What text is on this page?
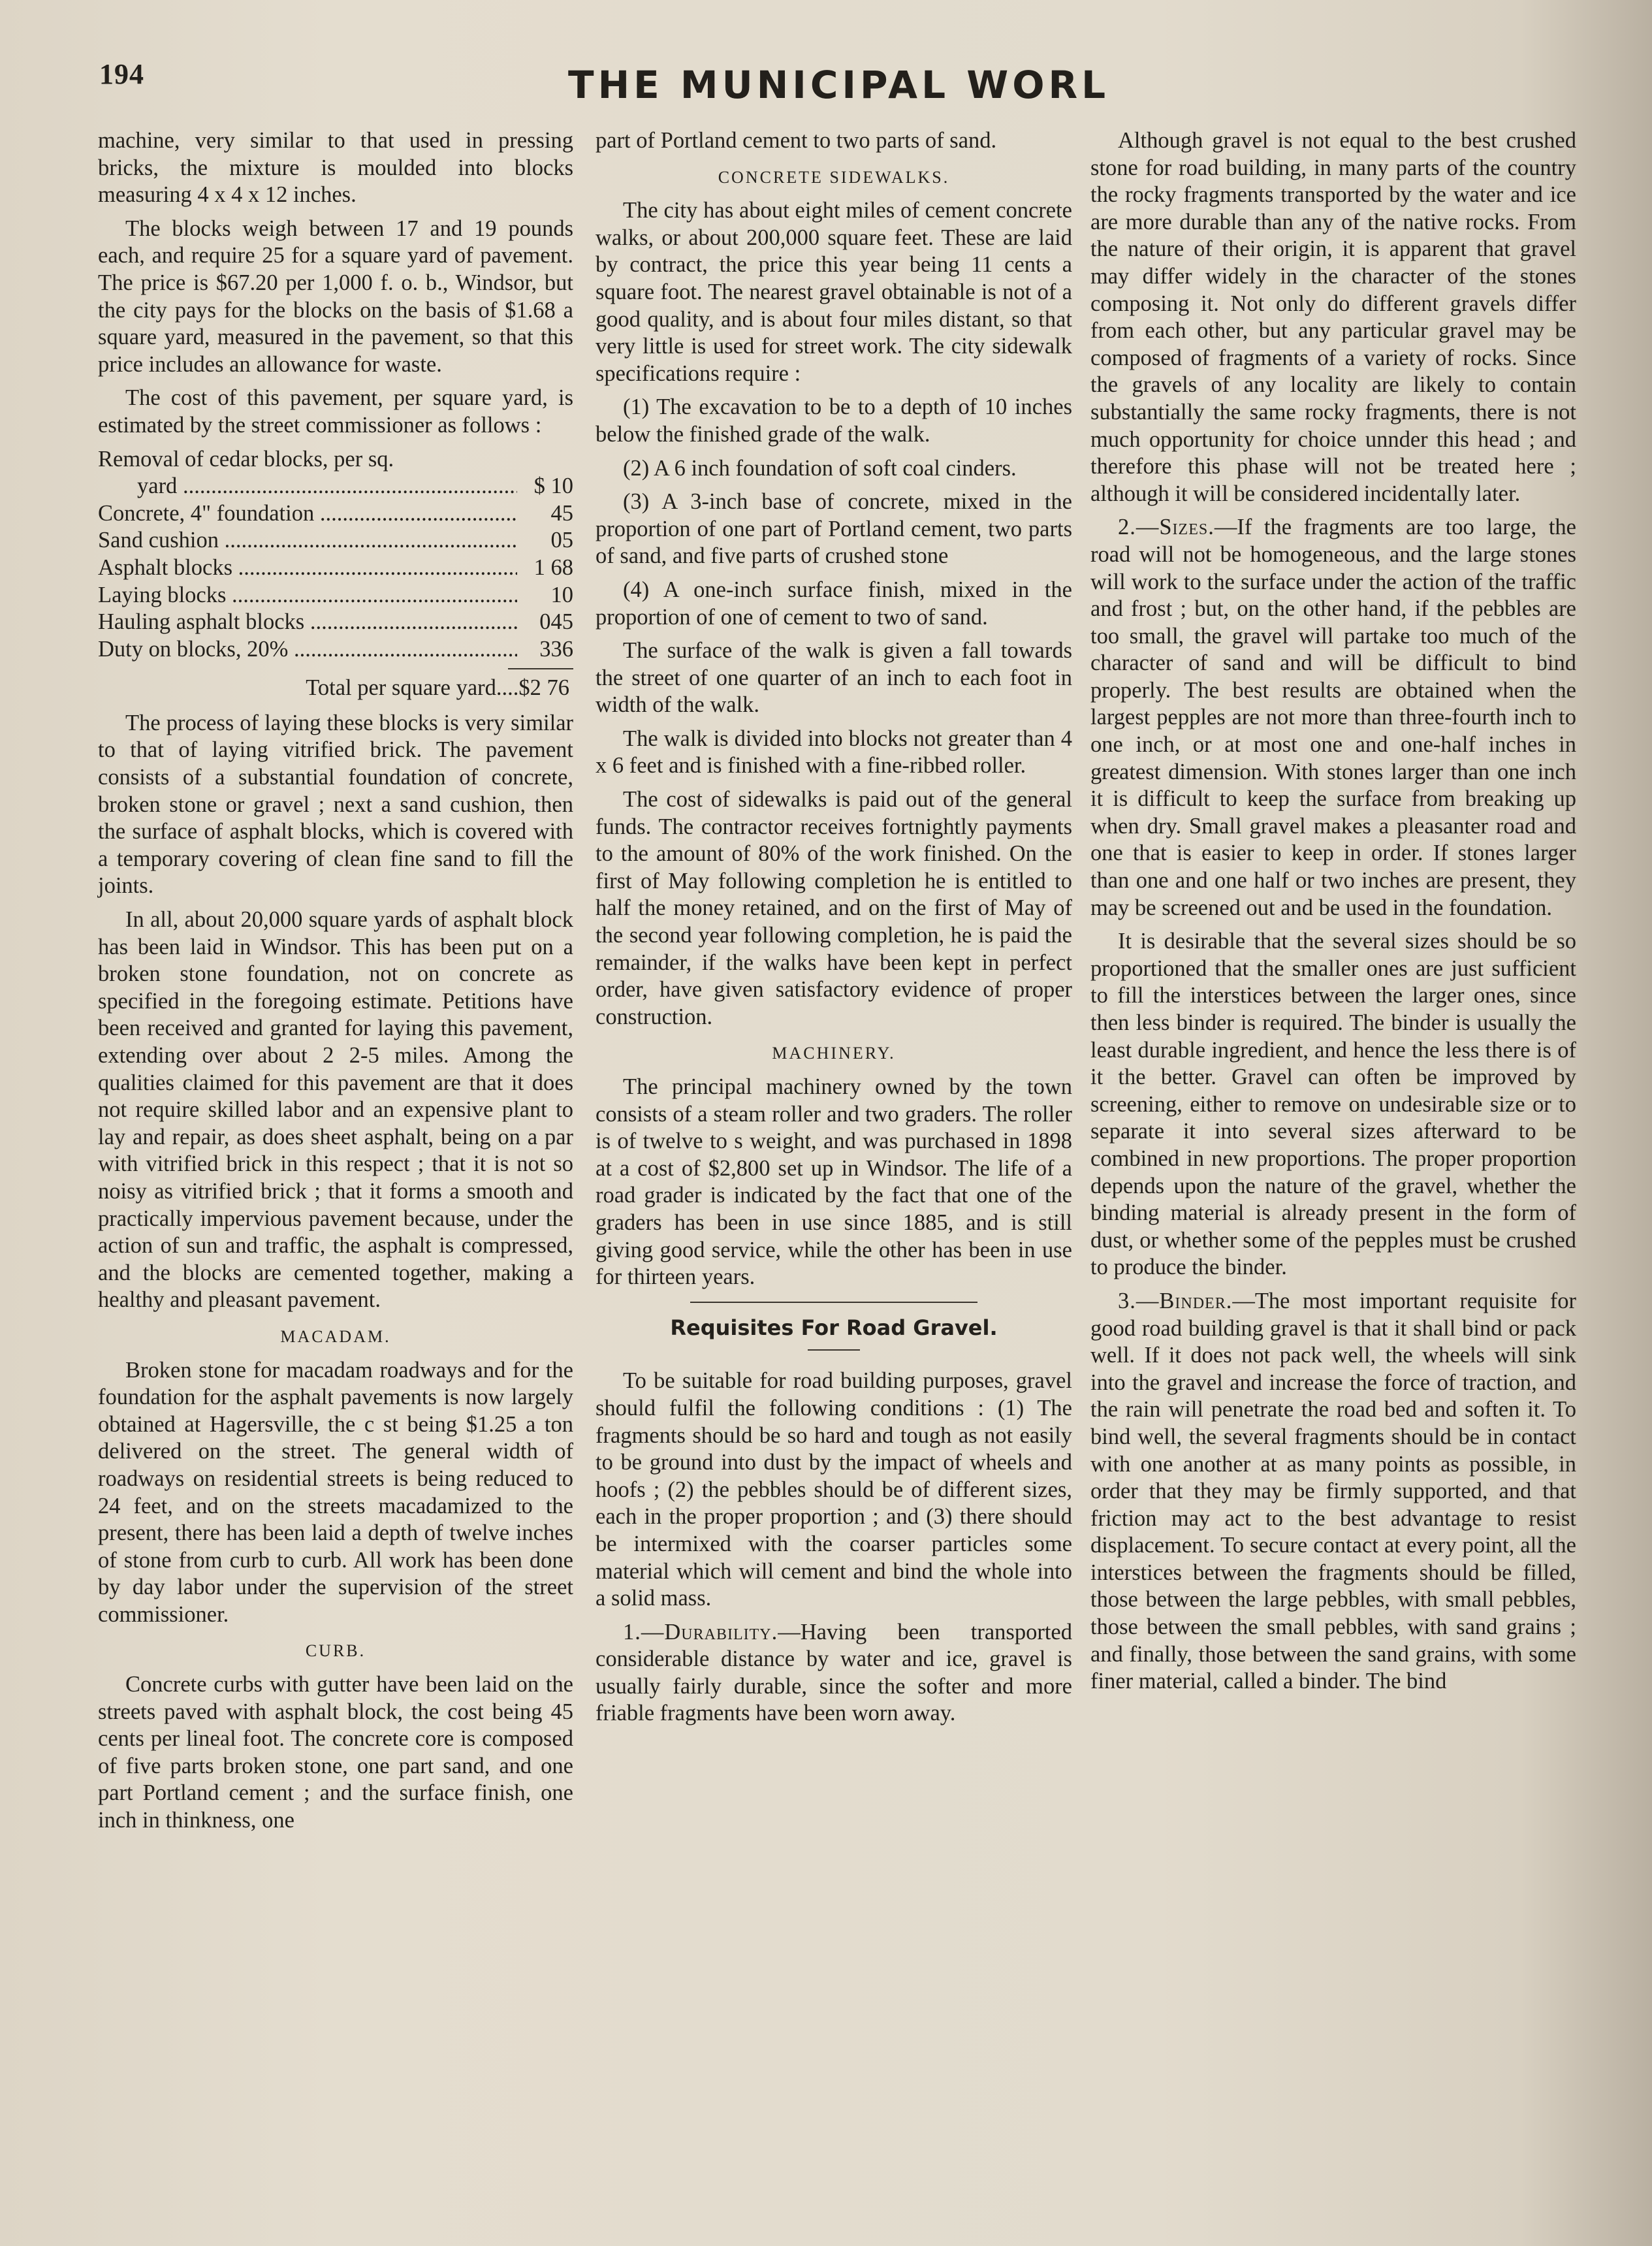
194	THE MUNICIPAL WORL

machine, very similar to that used in pressing bricks, the mixture is moulded into blocks measuring 4 x 4 x 12 inches.

The blocks weigh between 17 and 19 pounds each, and require 25 for a square yard of pavement. The price is $67.20 per 1,000 f. o. b., Windsor, but the city pays for the blocks on the basis of $1.68 a square yard, measured in the pavement, so that this price includes an allowance for waste.

The cost of this pavement, per square yard, is estimated by the street commissioner as follows :

Removal of cedar blocks, per sq.
yard .....	$ 10
Concrete, 4" foundation .....	45
Sand cushion .....	05
Asphalt blocks .....	1 68
Laying blocks .....	10
Hauling asphalt blocks .....	045
Duty on blocks, 20% .....	336
Total per square yard....$2 76

The process of laying these blocks is very similar to that of laying vitrified brick. The pavement consists of a substantial foundation of concrete, broken stone or gravel ; next a sand cushion, then the surface of asphalt blocks, which is covered with a temporary covering of clean fine sand to fill the joints.

In all, about 20,000 square yards of asphalt block has been laid in Windsor. This has been put on a broken stone foundation, not on concrete as specified in the foregoing estimate. Petitions have been received and granted for laying this pavement, extending over about 2 2-5 miles. Among the qualities claimed for this pavement are that it does not require skilled labor and an expensive plant to lay and repair, as does sheet asphalt, being on a par with vitrified brick in this respect ; that it is not so noisy as vitrified brick ; that it forms a smooth and practically impervious pavement because, under the action of sun and traffic, the asphalt is compressed, and the blocks are cemented together, making a healthy and pleasant pavement.

MACADAM.

Broken stone for macadam roadways and for the foundation for the asphalt pavements is now largely obtained at Hagersville, the c st being $1.25 a ton delivered on the street. The general width of roadways on residential streets is being reduced to 24 feet, and on the streets macadamized to the present, there has been laid a depth of twelve inches of stone from curb to curb. All work has been done by day labor under the supervision of the street commissioner.

CURB.

Concrete curbs with gutter have been laid on the streets paved with asphalt block, the cost being 45 cents per lineal foot. The concrete core is composed of five parts broken stone, one part sand, and one part Portland cement ; and the surface finish, one inch in thinkness, one

part of Portland cement to two parts of sand.

CONCRETE SIDEWALKS.

The city has about eight miles of cement concrete walks, or about 200,000 square feet. These are laid by contract, the price this year being 11 cents a square foot. The nearest gravel obtainable is not of a good quality, and is about four miles distant, so that very little is used for street work. The city sidewalk specifications require :

(1) The excavation to be to a depth of 10 inches below the finished grade of the walk.

(2) A 6 inch foundation of soft coal cinders.

(3) A 3-inch base of concrete, mixed in the proportion of one part of Portland cement, two parts of sand, and five parts of crushed stone

(4) A one-inch surface finish, mixed in the proportion of one of cement to two of sand.

The surface of the walk is given a fall towards the street of one quarter of an inch to each foot in width of the walk.

The walk is divided into blocks not greater than 4 x 6 feet and is finished with a fine-ribbed roller.

The cost of sidewalks is paid out of the general funds. The contractor receives fortnightly payments to the amount of 80% of the work finished. On the first of May following completion he is entitled to half the money retained, and on the first of May of the second year following completion, he is paid the remainder, if the walks have been kept in perfect order, have given satisfactory evidence of proper construction.

MACHINERY.

The principal machinery owned by the town consists of a steam roller and two graders. The roller is of twelve to s weight, and was purchased in 1898 at a cost of $2,800 set up in Windsor. The life of a road grader is indicated by the fact that one of the graders has been in use since 1885, and is still giving good service, while the other has been in use for thirteen years.

Requisites For Road Gravel.

To be suitable for road building purposes, gravel should fulfil the following conditions : (1) The fragments should be so hard and tough as not easily to be ground into dust by the impact of wheels and hoofs ; (2) the pebbles should be of different sizes, each in the proper proportion ; and (3) there should be intermixed with the coarser particles some material which will cement and bind the whole into a solid mass.

1.—Durability.—Having been transported considerable distance by water and ice, gravel is usually fairly durable, since the softer and more friable fragments have been worn away.

Although gravel is not equal to the best crushed stone for road building, in many parts of the country the rocky fragments transported by the water and ice are more durable than any of the native rocks. From the nature of their origin, it is apparent that gravel may differ widely in the character of the stones composing it. Not only do different gravels differ from each other, but any particular gravel may be composed of fragments of a variety of rocks. Since the gravels of any locality are likely to contain substantially the same rocky fragments, there is not much opportunity for choice unnder this head ; and therefore this phase will not be treated here ; although it will be considered incidentally later.

2.—Sizes.—If the fragments are too large, the road will not be homogeneous, and the large stones will work to the surface under the action of the traffic and frost ; but, on the other hand, if the pebbles are too small, the gravel will partake too much of the character of sand and will be difficult to bind properly. The best results are obtained when the largest pepples are not more than three-fourth inch to one inch, or at most one and one-half inches in greatest dimension. With stones larger than one inch it is difficult to keep the surface from breaking up when dry. Small gravel makes a pleasanter road and one that is easier to keep in order. If stones larger than one and one half or two inches are present, they may be screened out and be used in the foundation.

It is desirable that the several sizes should be so proportioned that the smaller ones are just sufficient to fill the interstices between the larger ones, since then less binder is required. The binder is usually the least durable ingredient, and hence the less there is of it the better. Gravel can often be improved by screening, either to remove on undesirable size or to separate it into several sizes afterward to be combined in new proportions. The proper proportion depends upon the nature of the gravel, whether the binding material is already present in the form of dust, or whether some of the pepples must be crushed to produce the binder.

3.—Binder.—The most important requisite for good road building gravel is that it shall bind or pack well. If it does not pack well, the wheels will sink into the gravel and increase the force of traction, and the rain will penetrate the road bed and soften it. To bind well, the several fragments should be in contact with one another at as many points as possible, in order that they may be firmly supported, and that friction may act to the best advantage to resist displacement. To secure contact at every point, all the interstices between the fragments should be filled, those between the large pebbles, with small pebbles, those between the small pebbles, with sand grains ; and finally, those between the sand grains, with some finer material, called a binder. The bind
